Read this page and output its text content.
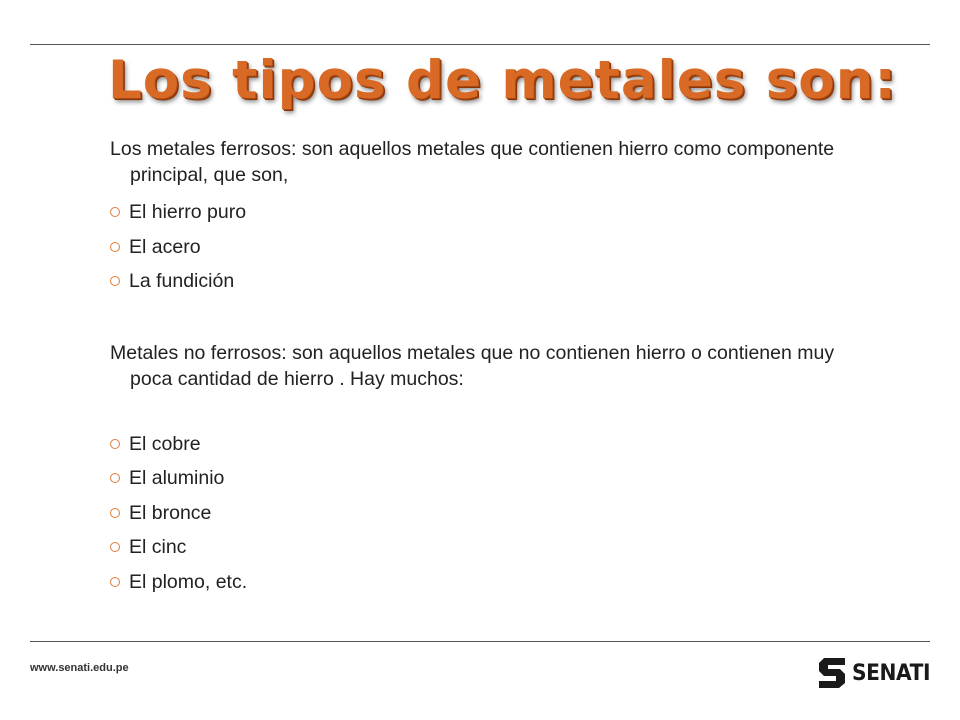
Los tipos de metales son:

Los metales ferrosos: son aquellos metales que contienen hierro como componente principal, que son,

El hierro puro
El acero
La fundición

Metales no ferrosos: son aquellos metales que no contienen hierro o contienen muy poca cantidad de hierro . Hay muchos:

El cobre
El aluminio
El bronce
El cinc
El plomo, etc.
www.senati.edu.pe	SENATI
